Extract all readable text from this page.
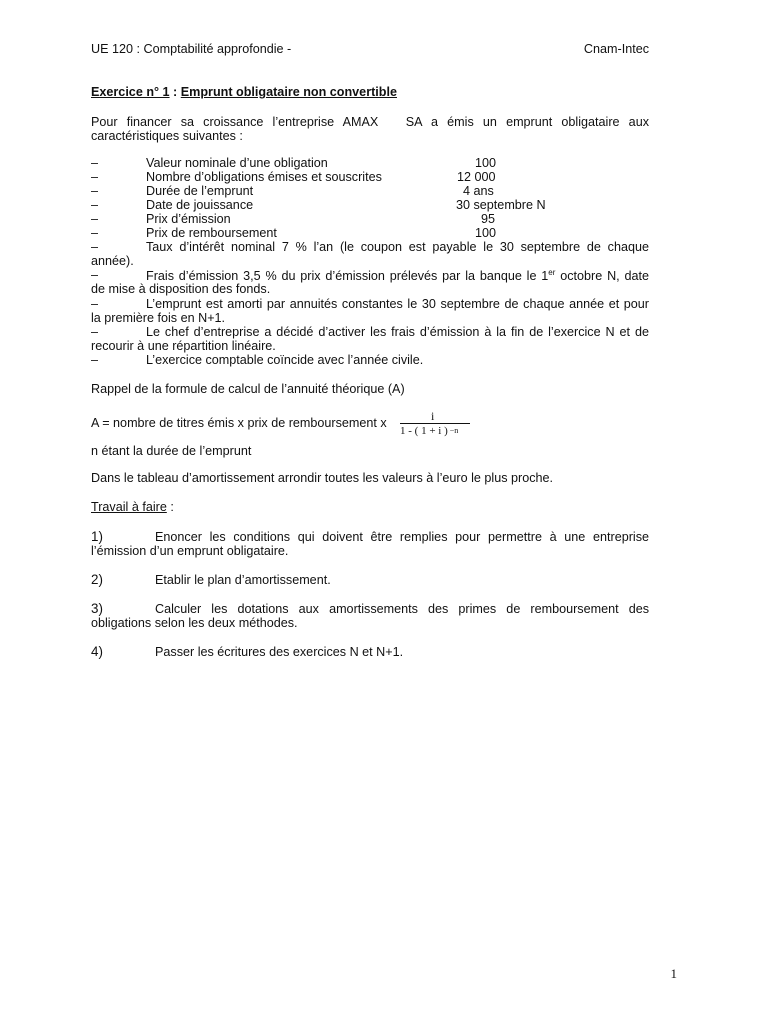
UE 120 : Comptabilité approfondie -	Cnam-Intec
Exercice n° 1 : Emprunt obligataire non convertible
Pour financer sa croissance l’entreprise AMAX   SA a émis un emprunt obligataire aux
caractéristiques suivantes :
–	Valeur nominale d’une obligation	100
–	Nombre d’obligations émises et souscrites	12 000
–	Durée de l’emprunt	4 ans
–	Date de jouissance	30 septembre N
–	Prix d’émission	95
–	Prix de remboursement	100
–	Taux d’intérêt nominal 7 % l’an (le coupon est payable le 30 septembre de chaque
année).
–	Frais d’émission 3,5 % du prix d’émission prélevés par la banque le 1er octobre N, date
de mise à disposition des fonds.
–	L’emprunt est amorti par annuités constantes le 30 septembre de chaque année et pour
la première fois en N+1.
–	Le chef d’entreprise a décidé d’activer les frais d’émission à la fin de l’exercice N et de
recourir à une répartition linéaire.
–	L’exercice comptable coïncide avec l’année civile.
Rappel de la formule de calcul de l’annuité théorique (A)
A = nombre de titres émis x prix de remboursement x	i
1 - ( 1 + i ) −n
n étant la durée de l’emprunt
Dans le tableau d’amortissement arrondir toutes les valeurs à l’euro le plus proche.
Travail à faire :
1)	Enoncer les conditions qui doivent être remplies pour permettre à une entreprise
l’émission d’un emprunt obligataire.
2)	Etablir le plan d’amortissement.
3)	Calculer les dotations aux amortissements des primes de remboursement des
obligations selon les deux méthodes.
4)	Passer les écritures des exercices N et N+1.
1
